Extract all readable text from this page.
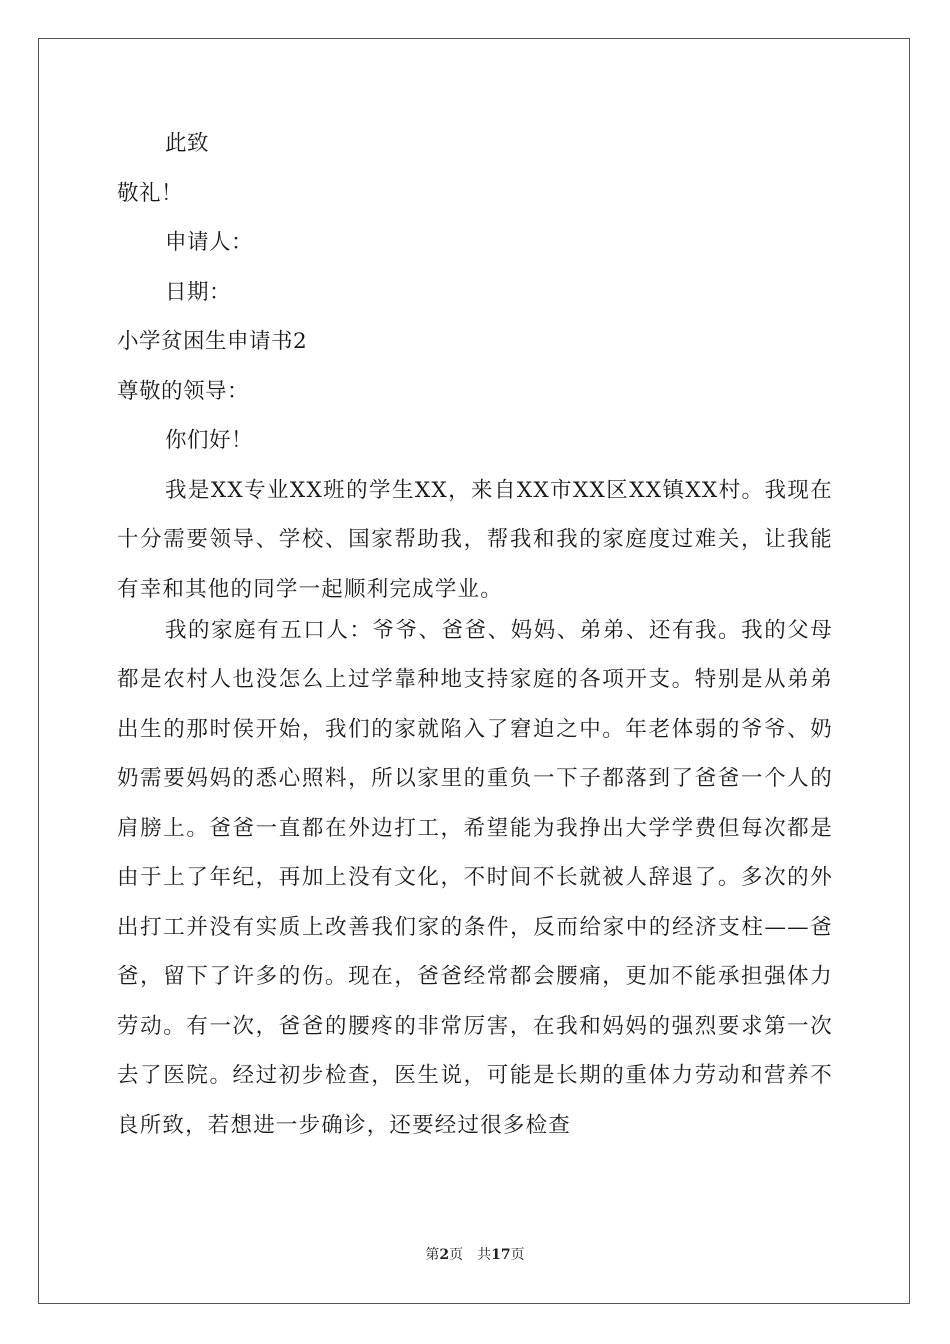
此致
敬礼！
申请人：
日期：
小学贫困生申请书2
尊敬的领导：
你们好！
我是XX专业XX班的学生XX，来自XX市XX区XX镇XX村。我现在十分需要领导、学校、国家帮助我，帮我和我的家庭度过难关，让我能有幸和其他的同学一起顺利完成学业。
我的家庭有五口人：爷爷、爸爸、妈妈、弟弟、还有我。我的父母都是农村人也没怎么上过学靠种地支持家庭的各项开支。特别是从弟弟出生的那时侯开始，我们的家就陷入了窘迫之中。年老体弱的爷爷、奶奶需要妈妈的悉心照料，所以家里的重负一下子都落到了爸爸一个人的肩膀上。爸爸一直都在外边打工，希望能为我挣出大学学费但每次都是由于上了年纪，再加上没有文化，不时间不长就被人辞退了。多次的外出打工并没有实质上改善我们家的条件，反而给家中的经济支柱——爸爸，留下了许多的伤。现在，爸爸经常都会腰痛，更加不能承担强体力劳动。有一次，爸爸的腰疼的非常厉害，在我和妈妈的强烈要求第一次去了医院。经过初步检查，医生说，可能是长期的重体力劳动和营养不良所致，若想进一步确诊，还要经过很多检查
第2页 共17页
